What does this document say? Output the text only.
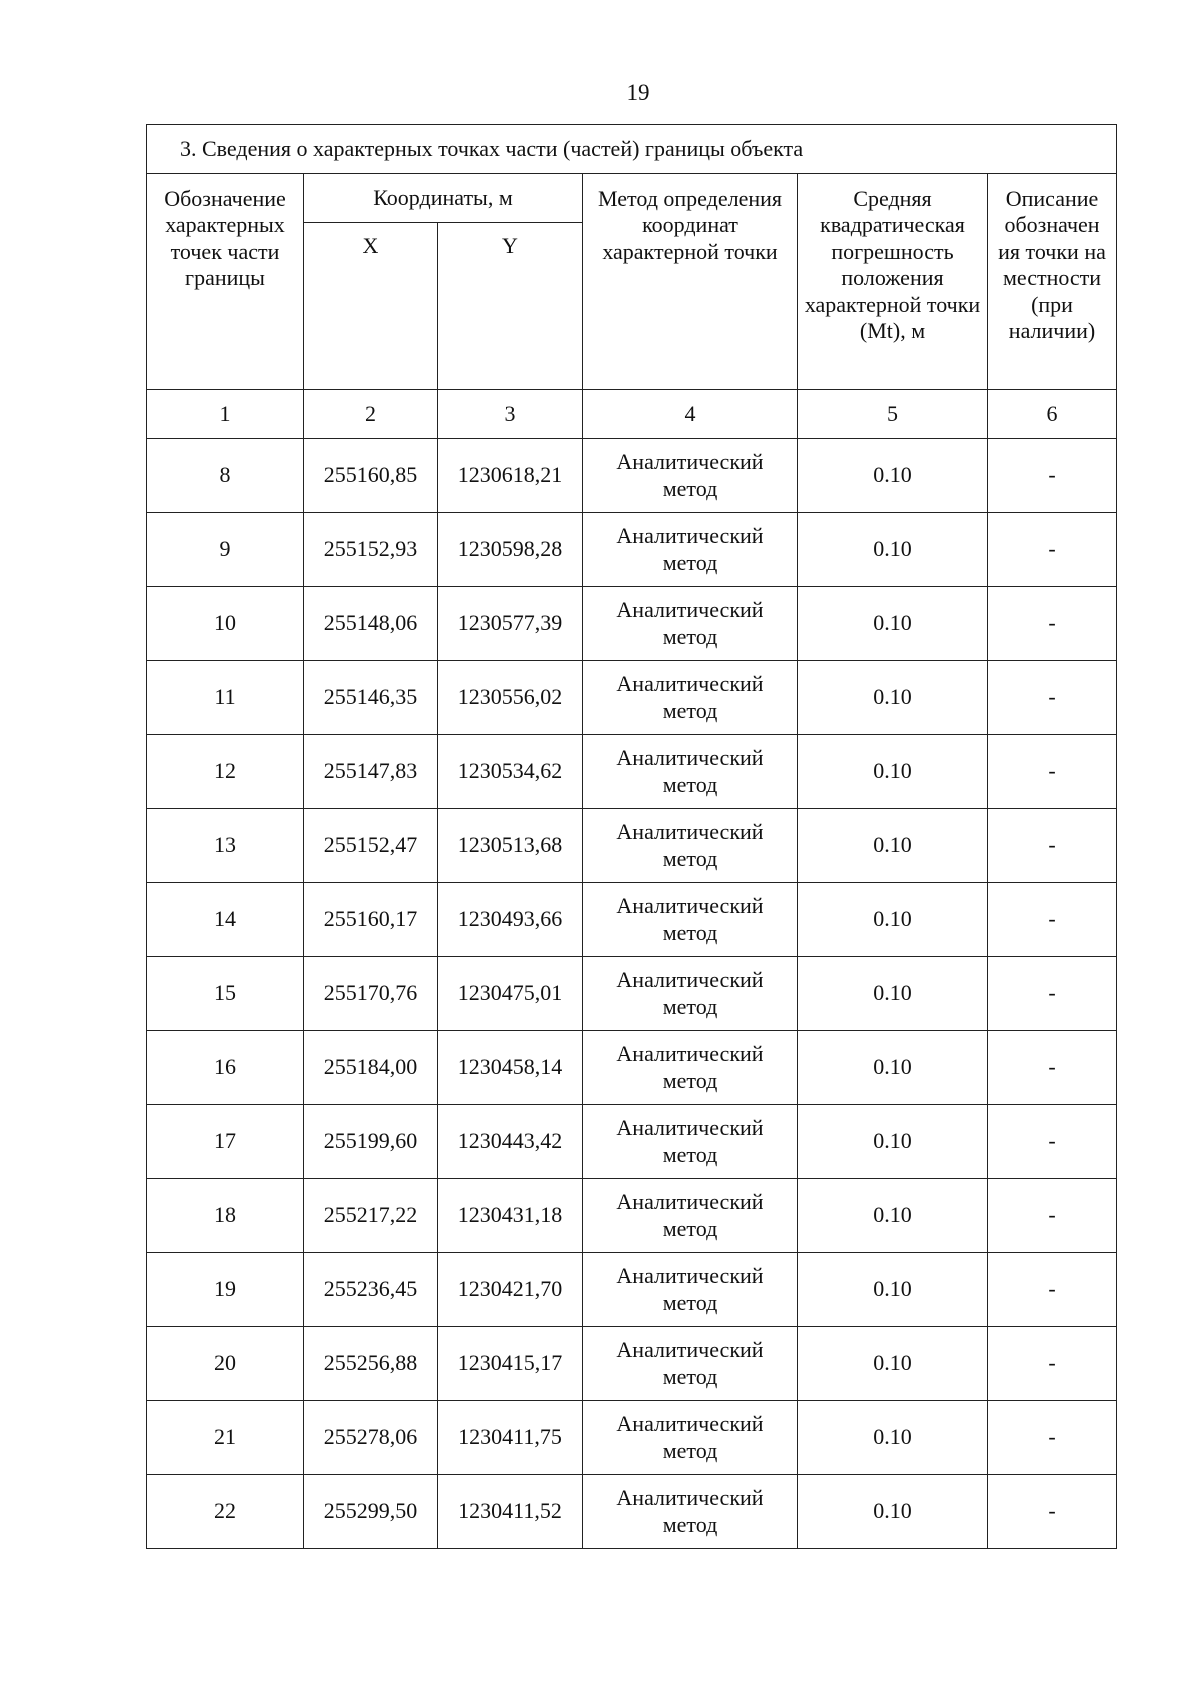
19
3. Сведения о характерных точках части (частей) границы объекта					
Обозначение характерных точек части границы	Координаты, м		Метод определения координат характерной точки	Средняя квадратическая погрешность положения характерной точки (Mt), м	Описание обозначен ия точки на местности (при наличии)
	X	Y			
1	2	3	4	5	6
8	255160,85	1230618,21	Аналитический метод	0.10	-
9	255152,93	1230598,28	Аналитический метод	0.10	-
10	255148,06	1230577,39	Аналитический метод	0.10	-
11	255146,35	1230556,02	Аналитический метод	0.10	-
12	255147,83	1230534,62	Аналитический метод	0.10	-
13	255152,47	1230513,68	Аналитический метод	0.10	-
14	255160,17	1230493,66	Аналитический метод	0.10	-
15	255170,76	1230475,01	Аналитический метод	0.10	-
16	255184,00	1230458,14	Аналитический метод	0.10	-
17	255199,60	1230443,42	Аналитический метод	0.10	-
18	255217,22	1230431,18	Аналитический метод	0.10	-
19	255236,45	1230421,70	Аналитический метод	0.10	-
20	255256,88	1230415,17	Аналитический метод	0.10	-
21	255278,06	1230411,75	Аналитический метод	0.10	-
22	255299,50	1230411,52	Аналитический метод	0.10	-
